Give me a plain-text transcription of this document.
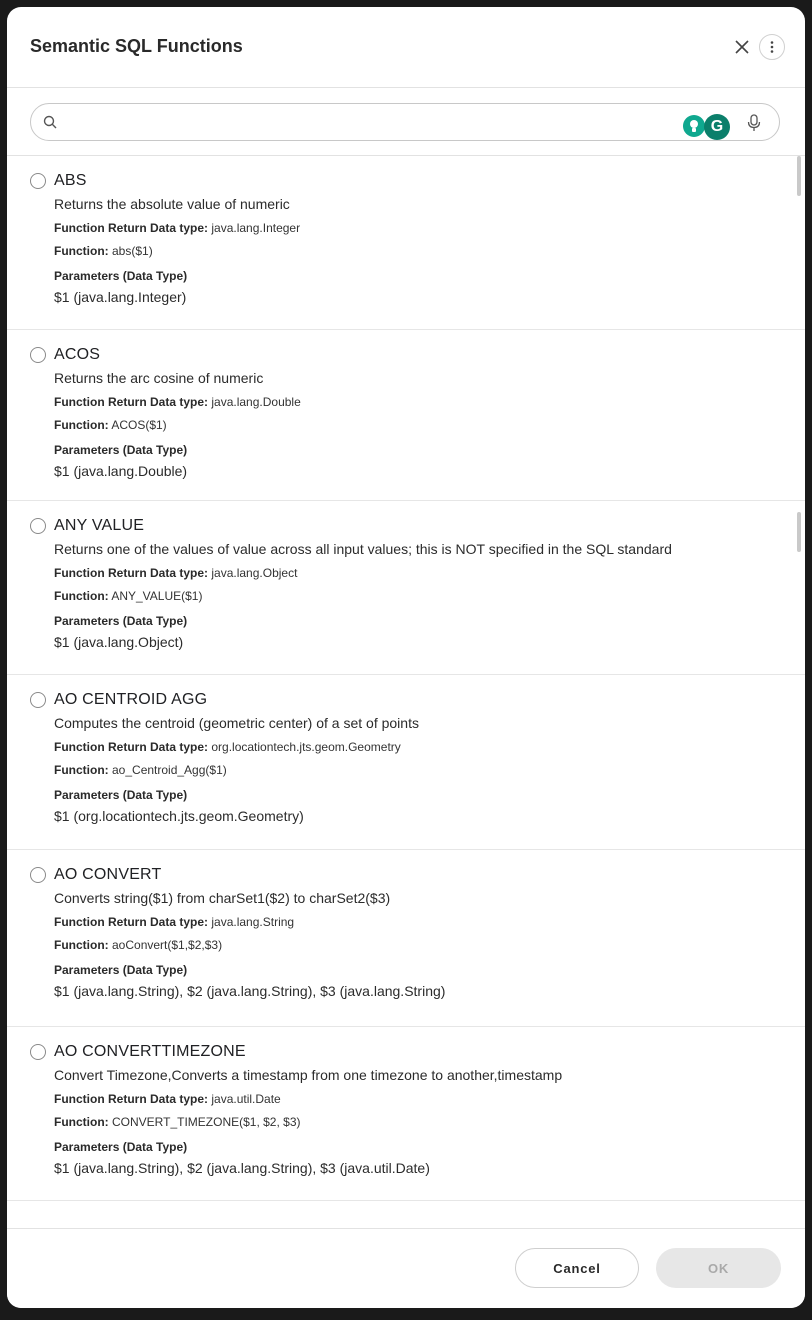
Semantic SQL Functions
G
ABS
Returns the absolute value of numeric
Function Return Data type: java.lang.Integer
Function: abs($1)
Parameters (Data Type)
$1 (java.lang.Integer)
ACOS
Returns the arc cosine of numeric
Function Return Data type: java.lang.Double
Function: ACOS($1)
Parameters (Data Type)
$1 (java.lang.Double)
ANY VALUE
Returns one of the values of value across all input values; this is NOT specified in the SQL standard
Function Return Data type: java.lang.Object
Function: ANY_VALUE($1)
Parameters (Data Type)
$1 (java.lang.Object)
AO CENTROID AGG
Computes the centroid (geometric center) of a set of points
Function Return Data type: org.locationtech.jts.geom.Geometry
Function: ao_Centroid_Agg($1)
Parameters (Data Type)
$1 (org.locationtech.jts.geom.Geometry)
AO CONVERT
Converts string($1) from charSet1($2) to charSet2($3)
Function Return Data type: java.lang.String
Function: aoConvert($1,$2,$3)
Parameters (Data Type)
$1 (java.lang.String), $2 (java.lang.String), $3 (java.lang.String)
AO CONVERTTIMEZONE
Convert Timezone,Converts a timestamp from one timezone to another,timestamp
Function Return Data type: java.util.Date
Function: CONVERT_TIMEZONE($1, $2, $3)
Parameters (Data Type)
$1 (java.lang.String), $2 (java.lang.String), $3 (java.util.Date)
Cancel	OK
